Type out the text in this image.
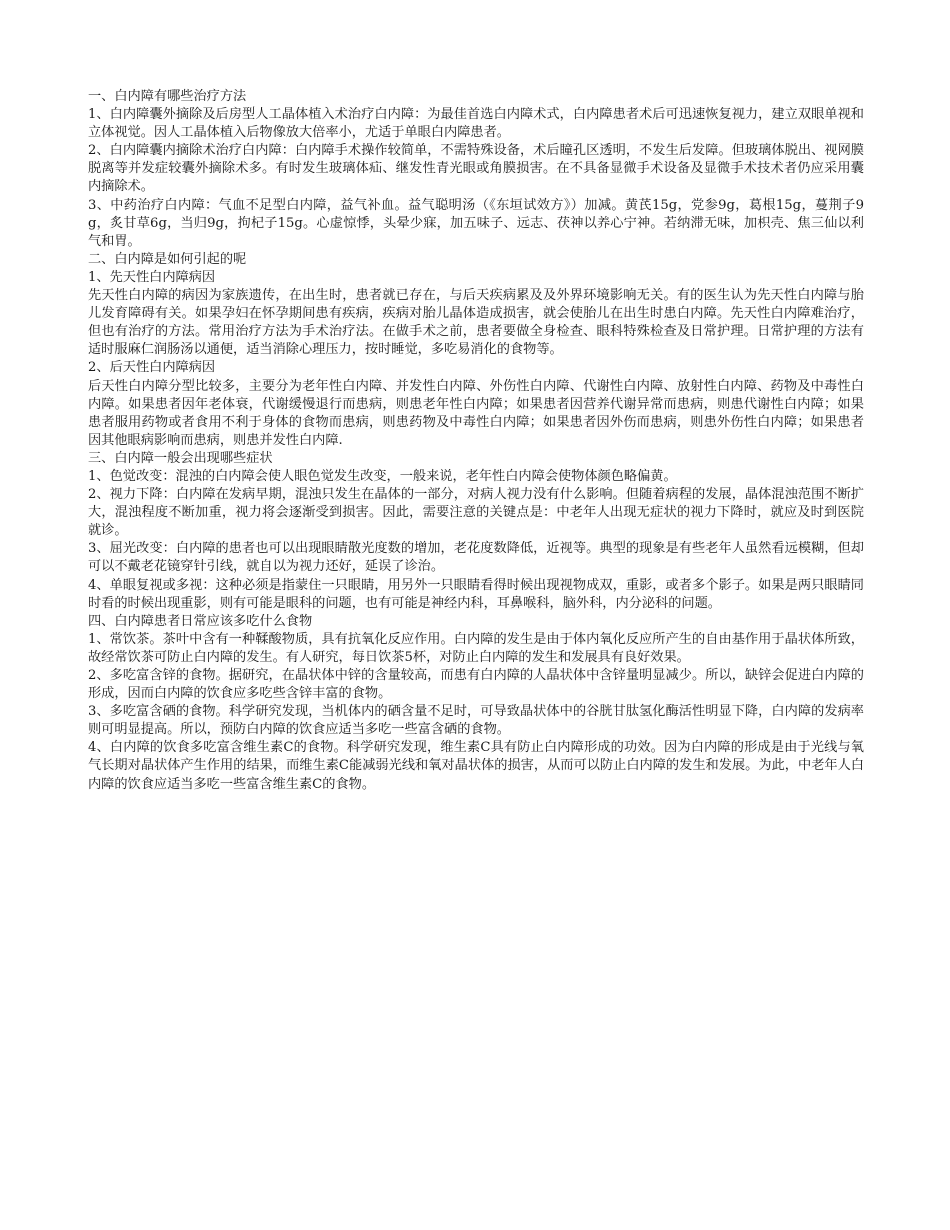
一、白内障有哪些治疗方法

1、白内障囊外摘除及后房型人工晶体植入术治疗白内障：为最佳首选白内障术式，白内障患者术后可迅速恢复视力，建立双眼单视和立体视觉。因人工晶体植入后物像放大倍率小，尤适于单眼白内障患者。

2、白内障囊内摘除术治疗白内障：白内障手术操作较简单，不需特殊设备，术后瞳孔区透明，不发生后发障。但玻璃体脱出、视网膜脱离等并发症较囊外摘除术多。有时发生玻璃体疝、继发性青光眼或角膜损害。在不具备显微手术设备及显微手术技术者仍应采用囊内摘除术。

3、中药治疗白内障：气血不足型白内障，益气补血。益气聪明汤（《东垣试效方》）加减。黄芪15g，党参9g，葛根15g，蔓荆子9g，炙甘草6g，当归9g，拘杞子15g。心虚惊悸，头晕少寐，加五味子、远志、茯神以养心宁神。若纳滞无味，加枳壳、焦三仙以利气和胃。

二、白内障是如何引起的呢

1、先天性白内障病因

先天性白内障的病因为家族遗传，在出生时，患者就已存在，与后天疾病累及及外界环境影响无关。有的医生认为先天性白内障与胎儿发育障碍有关。如果孕妇在怀孕期间患有疾病，疾病对胎儿晶体造成损害，就会使胎儿在出生时患白内障。先天性白内障难治疗，但也有治疗的方法。常用治疗方法为手术治疗法。在做手术之前，患者要做全身检查、眼科特殊检查及日常护理。日常护理的方法有适时服麻仁润肠汤以通便，适当消除心理压力，按时睡觉，多吃易消化的食物等。

2、后天性白内障病因

后天性白内障分型比较多，主要分为老年性白内障、并发性白内障、外伤性白内障、代谢性白内障、放射性白内障、药物及中毒性白内障。如果患者因年老体衰，代谢缓慢退行而患病，则患老年性白内障；如果患者因营养代谢异常而患病，则患代谢性白内障；如果患者服用药物或者食用不利于身体的食物而患病，则患药物及中毒性白内障；如果患者因外伤而患病，则患外伤性白内障；如果患者因其他眼病影响而患病，则患并发性白内障.

三、白内障一般会出现哪些症状

1、色觉改变：混浊的白内障会使人眼色觉发生改变，一般来说，老年性白内障会使物体颜色略偏黄。

2、视力下降：白内障在发病早期，混浊只发生在晶体的一部分，对病人视力没有什么影响。但随着病程的发展，晶体混浊范围不断扩大，混浊程度不断加重，视力将会逐渐受到损害。因此，需要注意的关键点是：中老年人出现无症状的视力下降时，就应及时到医院就诊。

3、屈光改变：白内障的患者也可以出现眼睛散光度数的增加，老花度数降低，近视等。典型的现象是有些老年人虽然看远模糊，但却可以不戴老花镜穿针引线，就自以为视力还好，延误了诊治。

4、单眼复视或多视：这种必须是指蒙住一只眼睛，用另外一只眼睛看得时候出现视物成双，重影，或者多个影子。如果是两只眼睛同时看的时候出现重影，则有可能是眼科的问题，也有可能是神经内科，耳鼻喉科，脑外科，内分泌科的问题。

四、白内障患者日常应该多吃什么食物

1、常饮茶。茶叶中含有一种鞣酸物质，具有抗氧化反应作用。白内障的发生是由于体内氧化反应所产生的自由基作用于晶状体所致，故经常饮茶可防止白内障的发生。有人研究，每日饮茶5杯，对防止白内障的发生和发展具有良好效果。

2、多吃富含锌的食物。据研究，在晶状体中锌的含量较高，而患有白内障的人晶状体中含锌量明显减少。所以，缺锌会促进白内障的形成，因而白内障的饮食应多吃些含锌丰富的食物。

3、多吃富含硒的食物。科学研究发现，当机体内的硒含量不足时，可导致晶状体中的谷胱甘肽氢化酶活性明显下降，白内障的发病率则可明显提高。所以，预防白内障的饮食应适当多吃一些富含硒的食物。

4、白内障的饮食多吃富含维生素C的食物。科学研究发现，维生素C具有防止白内障形成的功效。因为白内障的形成是由于光线与氧气长期对晶状体产生作用的结果，而维生素C能减弱光线和氧对晶状体的损害，从而可以防止白内障的发生和发展。为此，中老年人白内障的饮食应适当多吃一些富含维生素C的食物。
